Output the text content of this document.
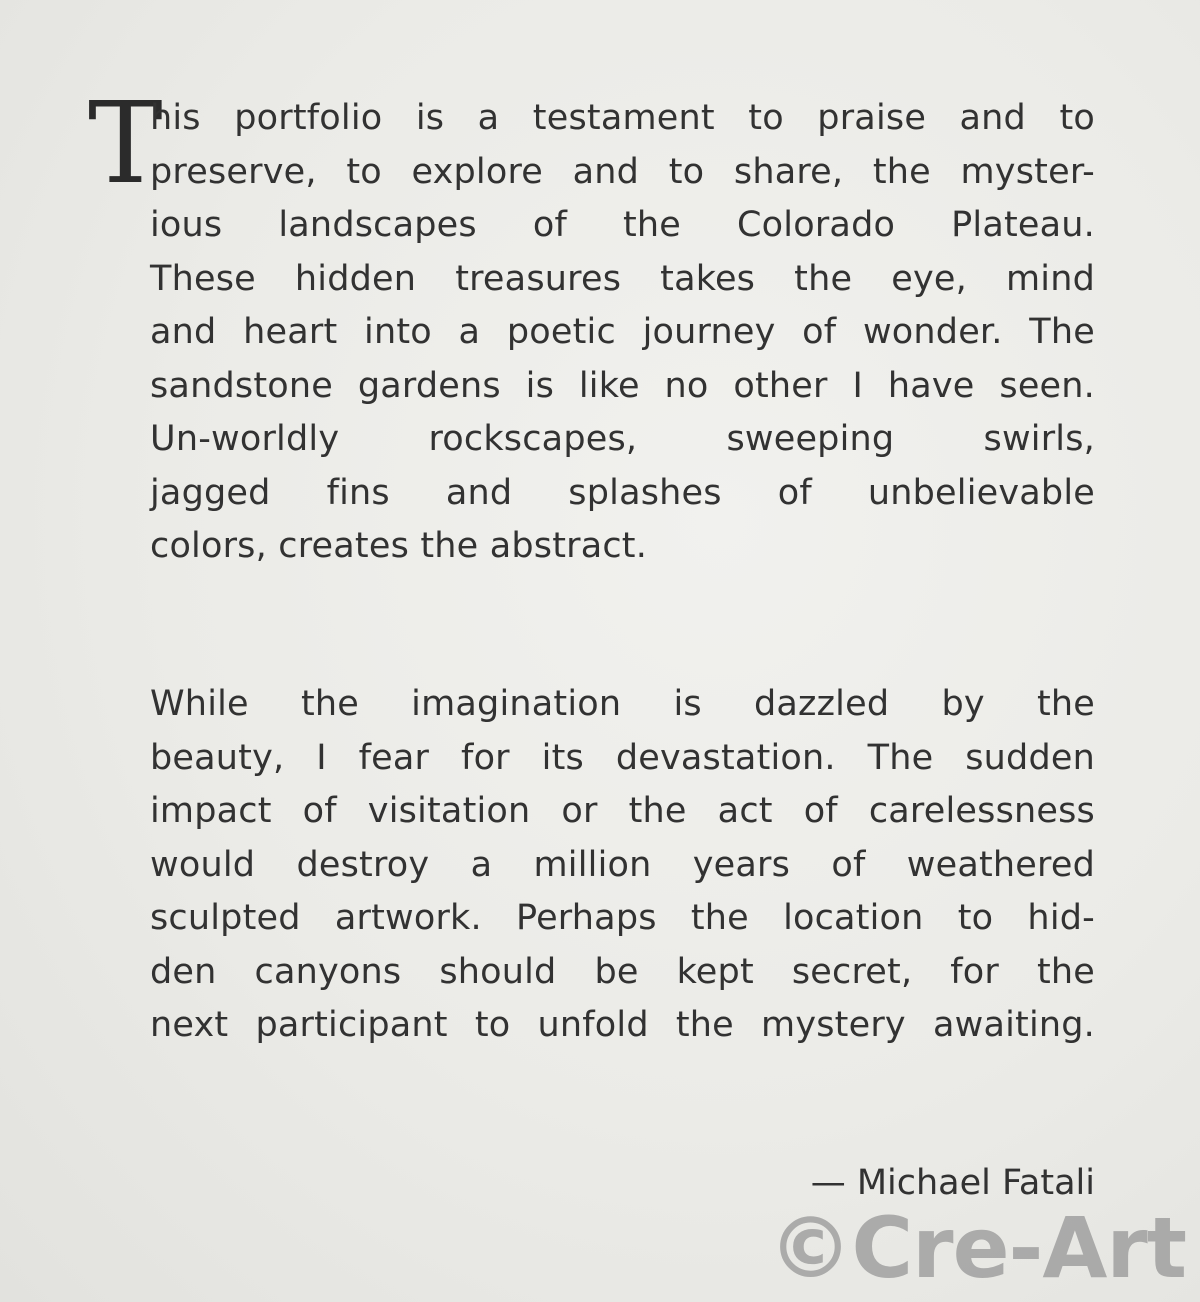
T
his portfolio is a testament to praise and to
preserve, to explore and to share, the myster-
ious landscapes of the Colorado Plateau.
These hidden treasures takes the eye, mind
and heart into a poetic journey of wonder. The
sandstone gardens is like no other I have seen.
Un-worldly rockscapes, sweeping swirls,
jagged fins and splashes of unbelievable
colors, creates the abstract.
While the imagination is dazzled by the
beauty, I fear for its devastation. The sudden
impact of visitation or the act of carelessness
would destroy a million years of weathered
sculpted artwork. Perhaps the location to hid-
den canyons should be kept secret, for the
next participant to unfold the mystery awaiting.
— Michael Fatali
©Cre-Art
